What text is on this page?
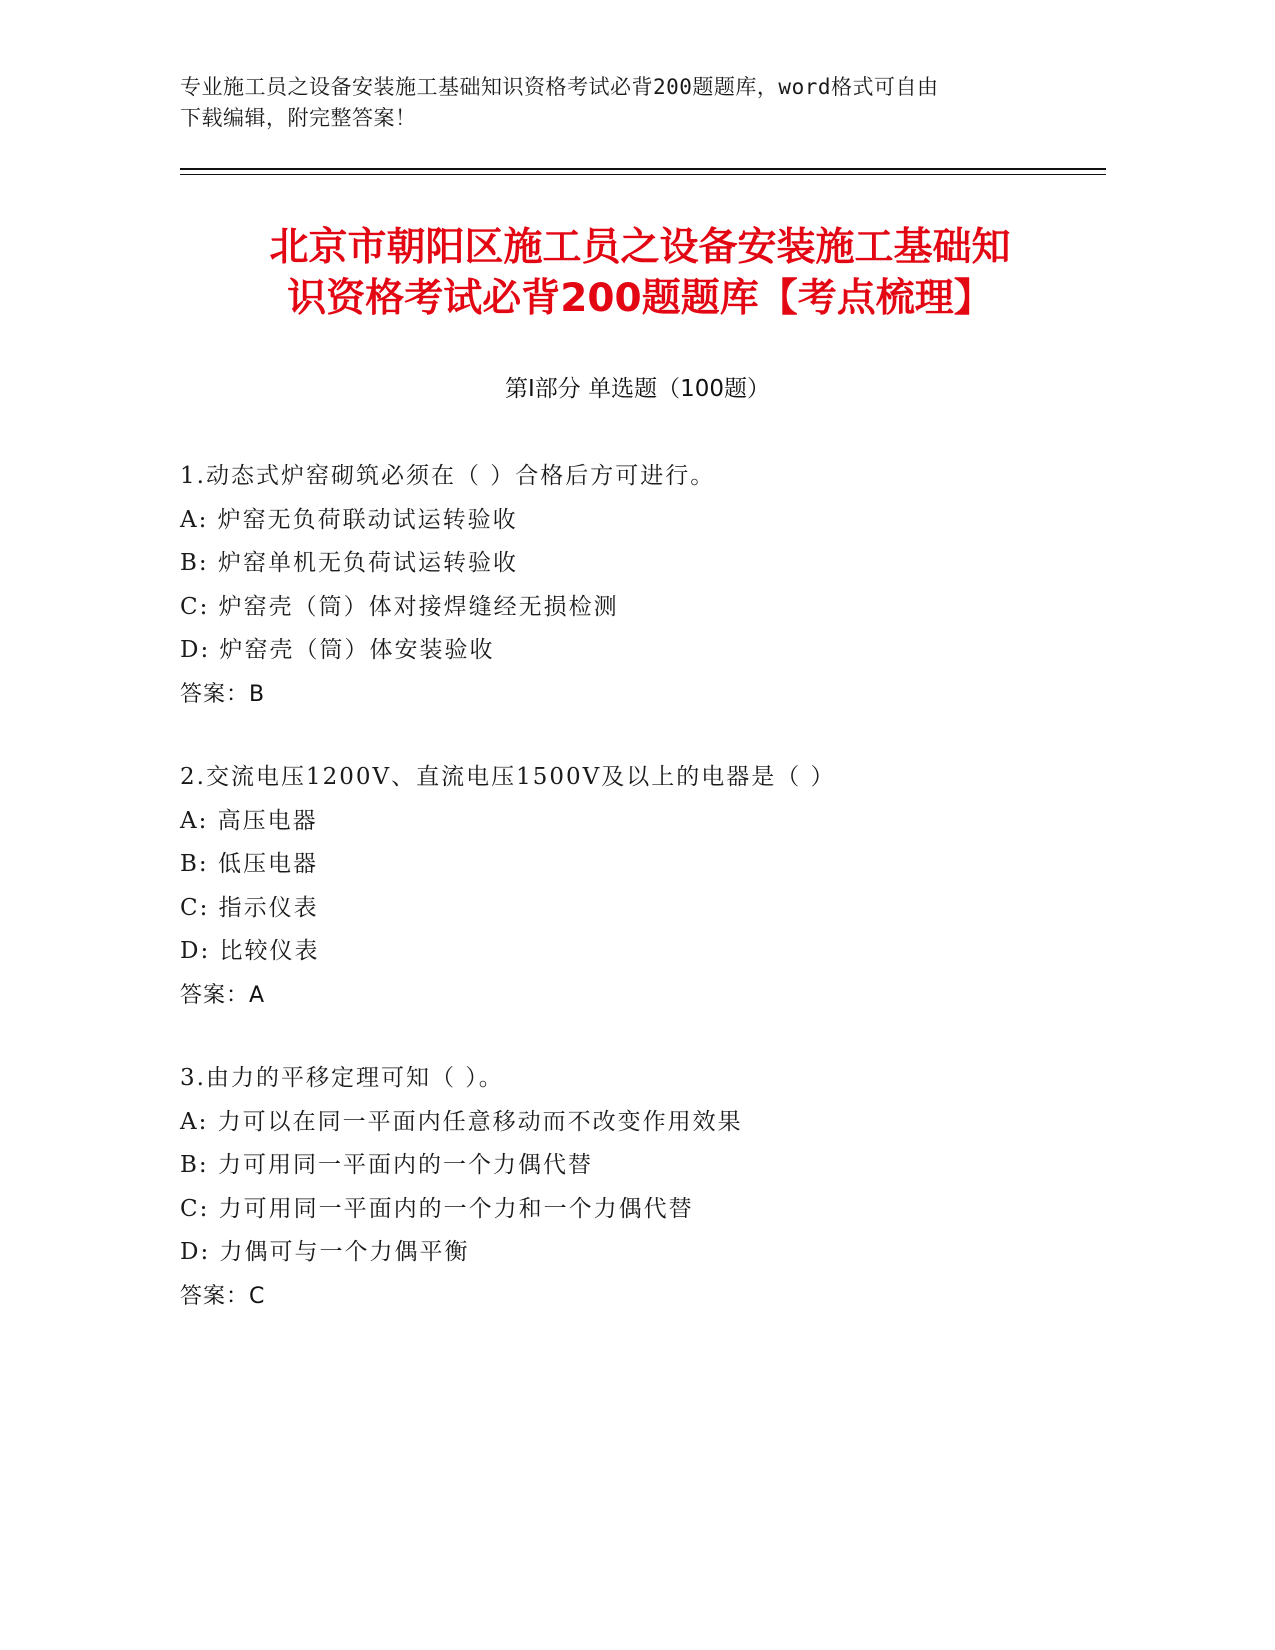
专业施工员之设备安装施工基础知识资格考试必背200题题库，word格式可自由
下载编辑，附完整答案！
北京市朝阳区施工员之设备安装施工基础知
识资格考试必背200题题库【考点梳理】
第Ⅰ部分 单选题（100题）
1.动态式炉窑砌筑必须在（ ）合格后方可进行。
A: 炉窑无负荷联动试运转验收
B: 炉窑单机无负荷试运转验收
C: 炉窑壳（筒）体对接焊缝经无损检测
D: 炉窑壳（筒）体安装验收
答案：B
2.交流电压1200V、直流电压1500V及以上的电器是（ ）
A: 高压电器
B: 低压电器
C: 指示仪表
D: 比较仪表
答案：A
3.由力的平移定理可知（ ）。
A: 力可以在同一平面内任意移动而不改变作用效果
B: 力可用同一平面内的一个力偶代替
C: 力可用同一平面内的一个力和一个力偶代替
D: 力偶可与一个力偶平衡
答案：C
